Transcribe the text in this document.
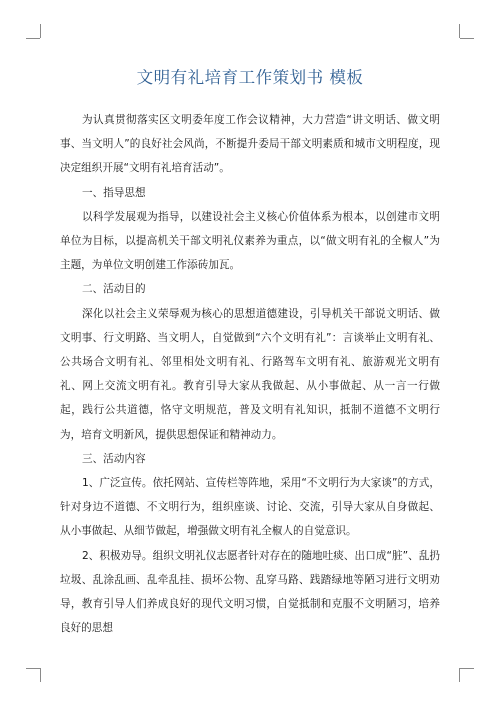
文明有礼培育工作策划书 模板

为认真贯彻落实区文明委年度工作会议精神，大力营造“讲文明话、做文明事、当文明人”的良好社会风尚，不断提升委局干部文明素质和城市文明程度，现决定组织开展“文明有礼培育活动”。

一、指导思想

以科学发展观为指导，以建设社会主义核心价值体系为根本，以创建市文明单位为目标，以提高机关干部文明礼仪素养为重点，以“做文明有礼的全椒人”为主题，为单位文明创建工作添砖加瓦。

二、活动目的

深化以社会主义荣辱观为核心的思想道德建设，引导机关干部说文明话、做文明事、行文明路、当文明人，自觉做到“六个文明有礼”：言谈举止文明有礼、公共场合文明有礼、邻里相处文明有礼、行路驾车文明有礼、旅游观光文明有礼、网上交流文明有礼。教育引导大家从我做起、从小事做起、从一言一行做起，践行公共道德，恪守文明规范，普及文明有礼知识，抵制不道德不文明行为，培育文明新风，提供思想保证和精神动力。

三、活动内容

1、广泛宣传。依托网站、宣传栏等阵地，采用“不文明行为大家谈”的方式，针对身边不道德、不文明行为，组织座谈、讨论、交流，引导大家从自身做起、从小事做起、从细节做起，增强做文明有礼全椒人的自觉意识。

2、积极劝导。组织文明礼仪志愿者针对存在的随地吐痰、出口成“脏”、乱扔垃圾、乱涂乱画、乱牵乱挂、损坏公物、乱穿马路、践踏绿地等陋习进行文明劝导，教育引导人们养成良好的现代文明习惯，自觉抵制和克服不文明陋习，培养良好的思想
